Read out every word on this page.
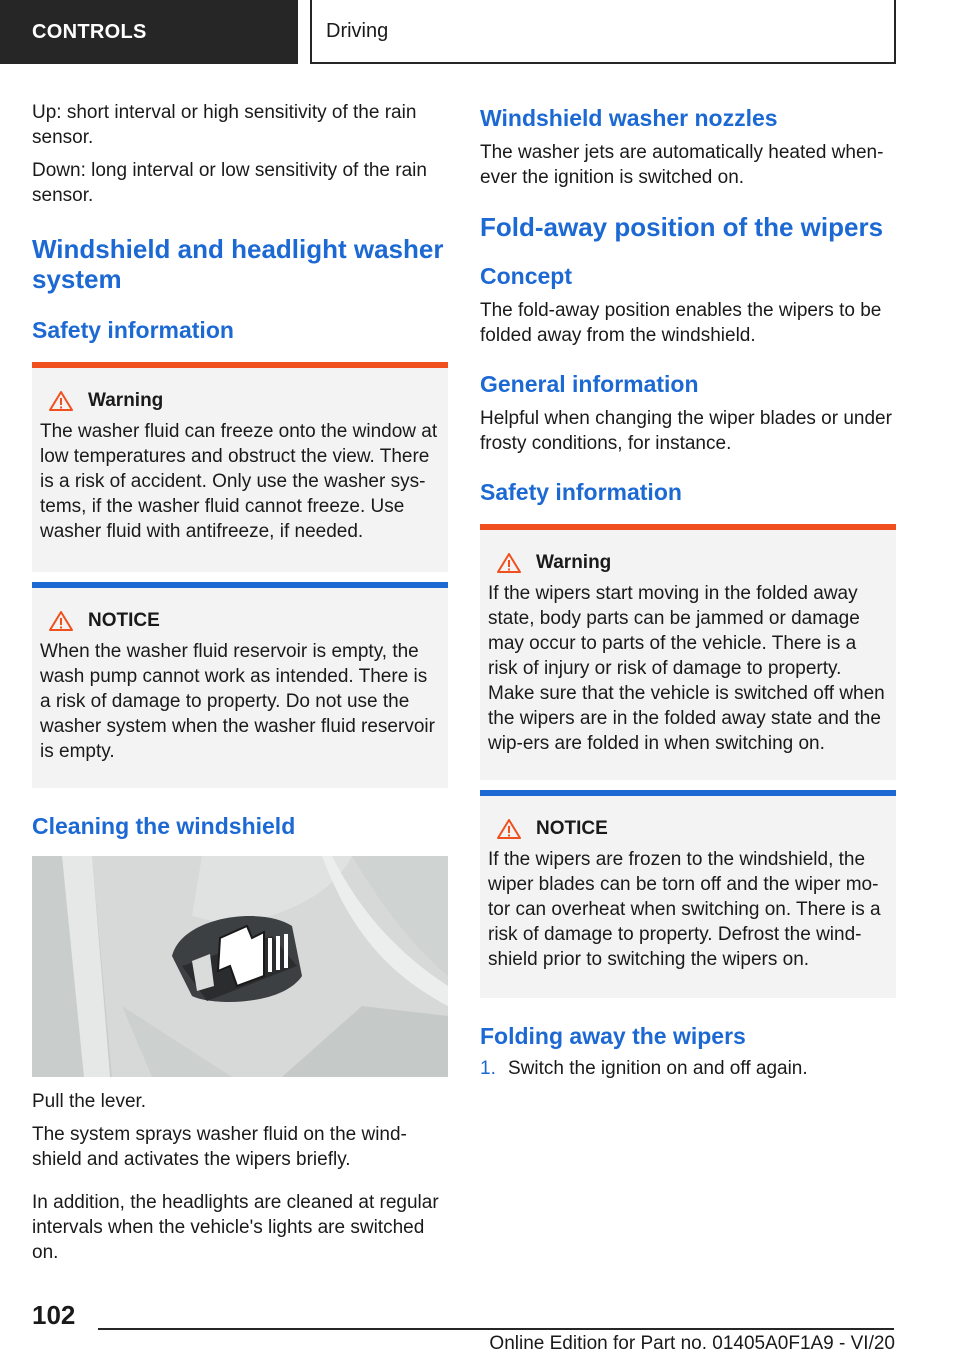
CONTROLS	Driving

Up: short interval or high sensitivity of the rain sensor.

Down: long interval or low sensitivity of the rain sensor.

Windshield and headlight washer system
Safety information
Warning

The washer fluid can freeze onto the window at low temperatures and obstruct the view. There is a risk of accident. Only use the washer sys‐tems, if the washer fluid cannot freeze. Use washer fluid with antifreeze, if needed.

NOTICE

When the washer fluid reservoir is empty, the wash pump cannot work as intended. There is a risk of damage to property. Do not use the washer system when the washer fluid reservoir is empty.

Cleaning the windshield

Pull the lever.

The system sprays washer fluid on the wind‐shield and activates the wipers briefly.

In addition, the headlights are cleaned at regular intervals when the vehicle's lights are switched on.

Windshield washer nozzles

The washer jets are automatically heated when‐ever the ignition is switched on.

Fold-away position of the wipers
Concept

The fold-away position enables the wipers to be folded away from the windshield.

General information

Helpful when changing the wiper blades or under frosty conditions, for instance.

Safety information
Warning

If the wipers start moving in the folded away state, body parts can be jammed or damage may occur to parts of the vehicle. There is a risk of injury or risk of damage to property. Make sure that the vehicle is switched off when the wipers are in the folded away state and the wip‐ers are folded in when switching on.

NOTICE

If the wipers are frozen to the windshield, the wiper blades can be torn off and the wiper mo‐tor can overheat when switching on. There is a risk of damage to property. Defrost the wind‐shield prior to switching the wipers on.

Folding away the wipers
1. Switch the ignition on and off again.
102
Online Edition for Part no. 01405A0F1A9 - VI/20
